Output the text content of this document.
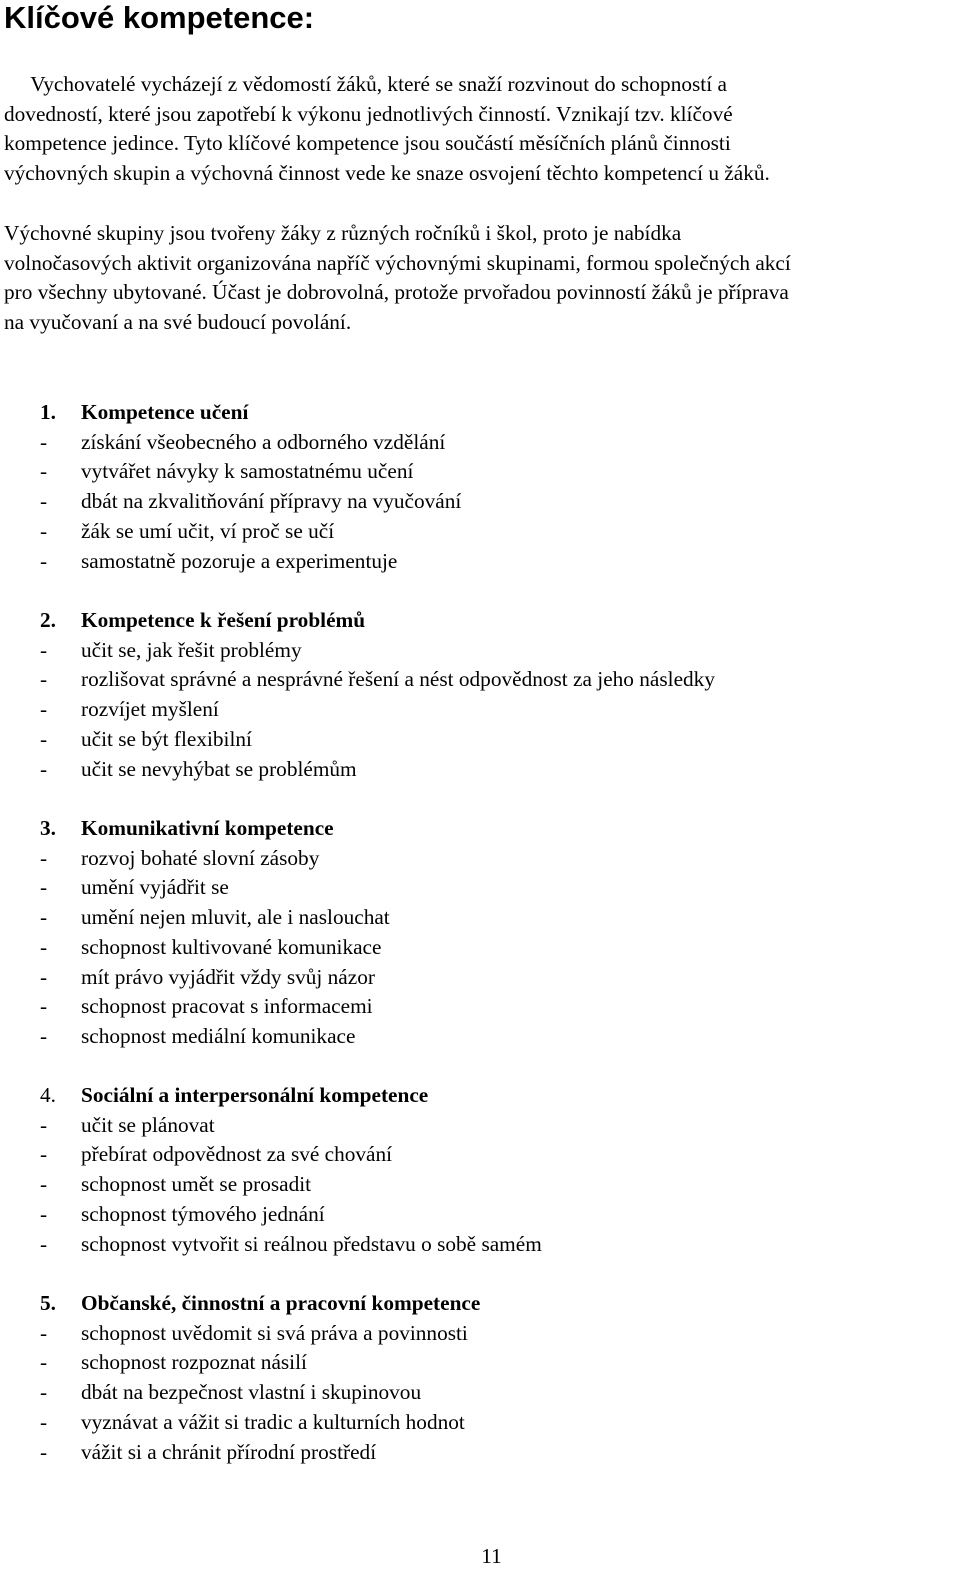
Klíčové kompetence:

Vychovatelé vycházejí z vědomostí žáků, které se snaží rozvinout do schopností a
dovedností, které jsou zapotřebí k výkonu jednotlivých činností. Vznikají tzv. klíčové
kompetence jedince. Tyto klíčové kompetence jsou součástí měsíčních plánů činnosti
výchovných skupin a výchovná činnost vede ke snaze osvojení těchto kompetencí u žáků.

Výchovné skupiny jsou tvořeny žáky z různých ročníků i škol, proto je nabídka
volnočasových aktivit organizována napříč výchovnými skupinami, formou společných akcí
pro všechny ubytované. Účast je dobrovolná, protože prvořadou povinností žáků je příprava
na vyučovaní a na své budoucí povolání.

1. Kompetence učení
- získání všeobecného a odborného vzdělání
- vytvářet návyky k samostatnému učení
- dbát na zkvalitňování přípravy na vyučování
- žák se umí učit, ví proč se učí
- samostatně pozoruje a experimentuje
2. Kompetence k řešení problémů
- učit se, jak řešit problémy
- rozlišovat správné a nesprávné řešení a nést odpovědnost za jeho následky
- rozvíjet myšlení
- učit se být flexibilní
- učit se nevyhýbat se problémům
3. Komunikativní kompetence
- rozvoj bohaté slovní zásoby
- umění vyjádřit se
- umění nejen mluvit, ale i naslouchat
- schopnost kultivované komunikace
- mít právo vyjádřit vždy svůj názor
- schopnost pracovat s informacemi
- schopnost mediální komunikace
4. Sociální a interpersonální kompetence
- učit se plánovat
- přebírat odpovědnost za své chování
- schopnost umět se prosadit
- schopnost týmového jednání
- schopnost vytvořit si reálnou představu o sobě samém
5. Občanské, činnostní a pracovní kompetence
- schopnost uvědomit si svá práva a povinnosti
- schopnost rozpoznat násilí
- dbát na bezpečnost vlastní i skupinovou
- vyznávat a vážit si tradic a kulturních hodnot
- vážit si a chránit přírodní prostředí
11
